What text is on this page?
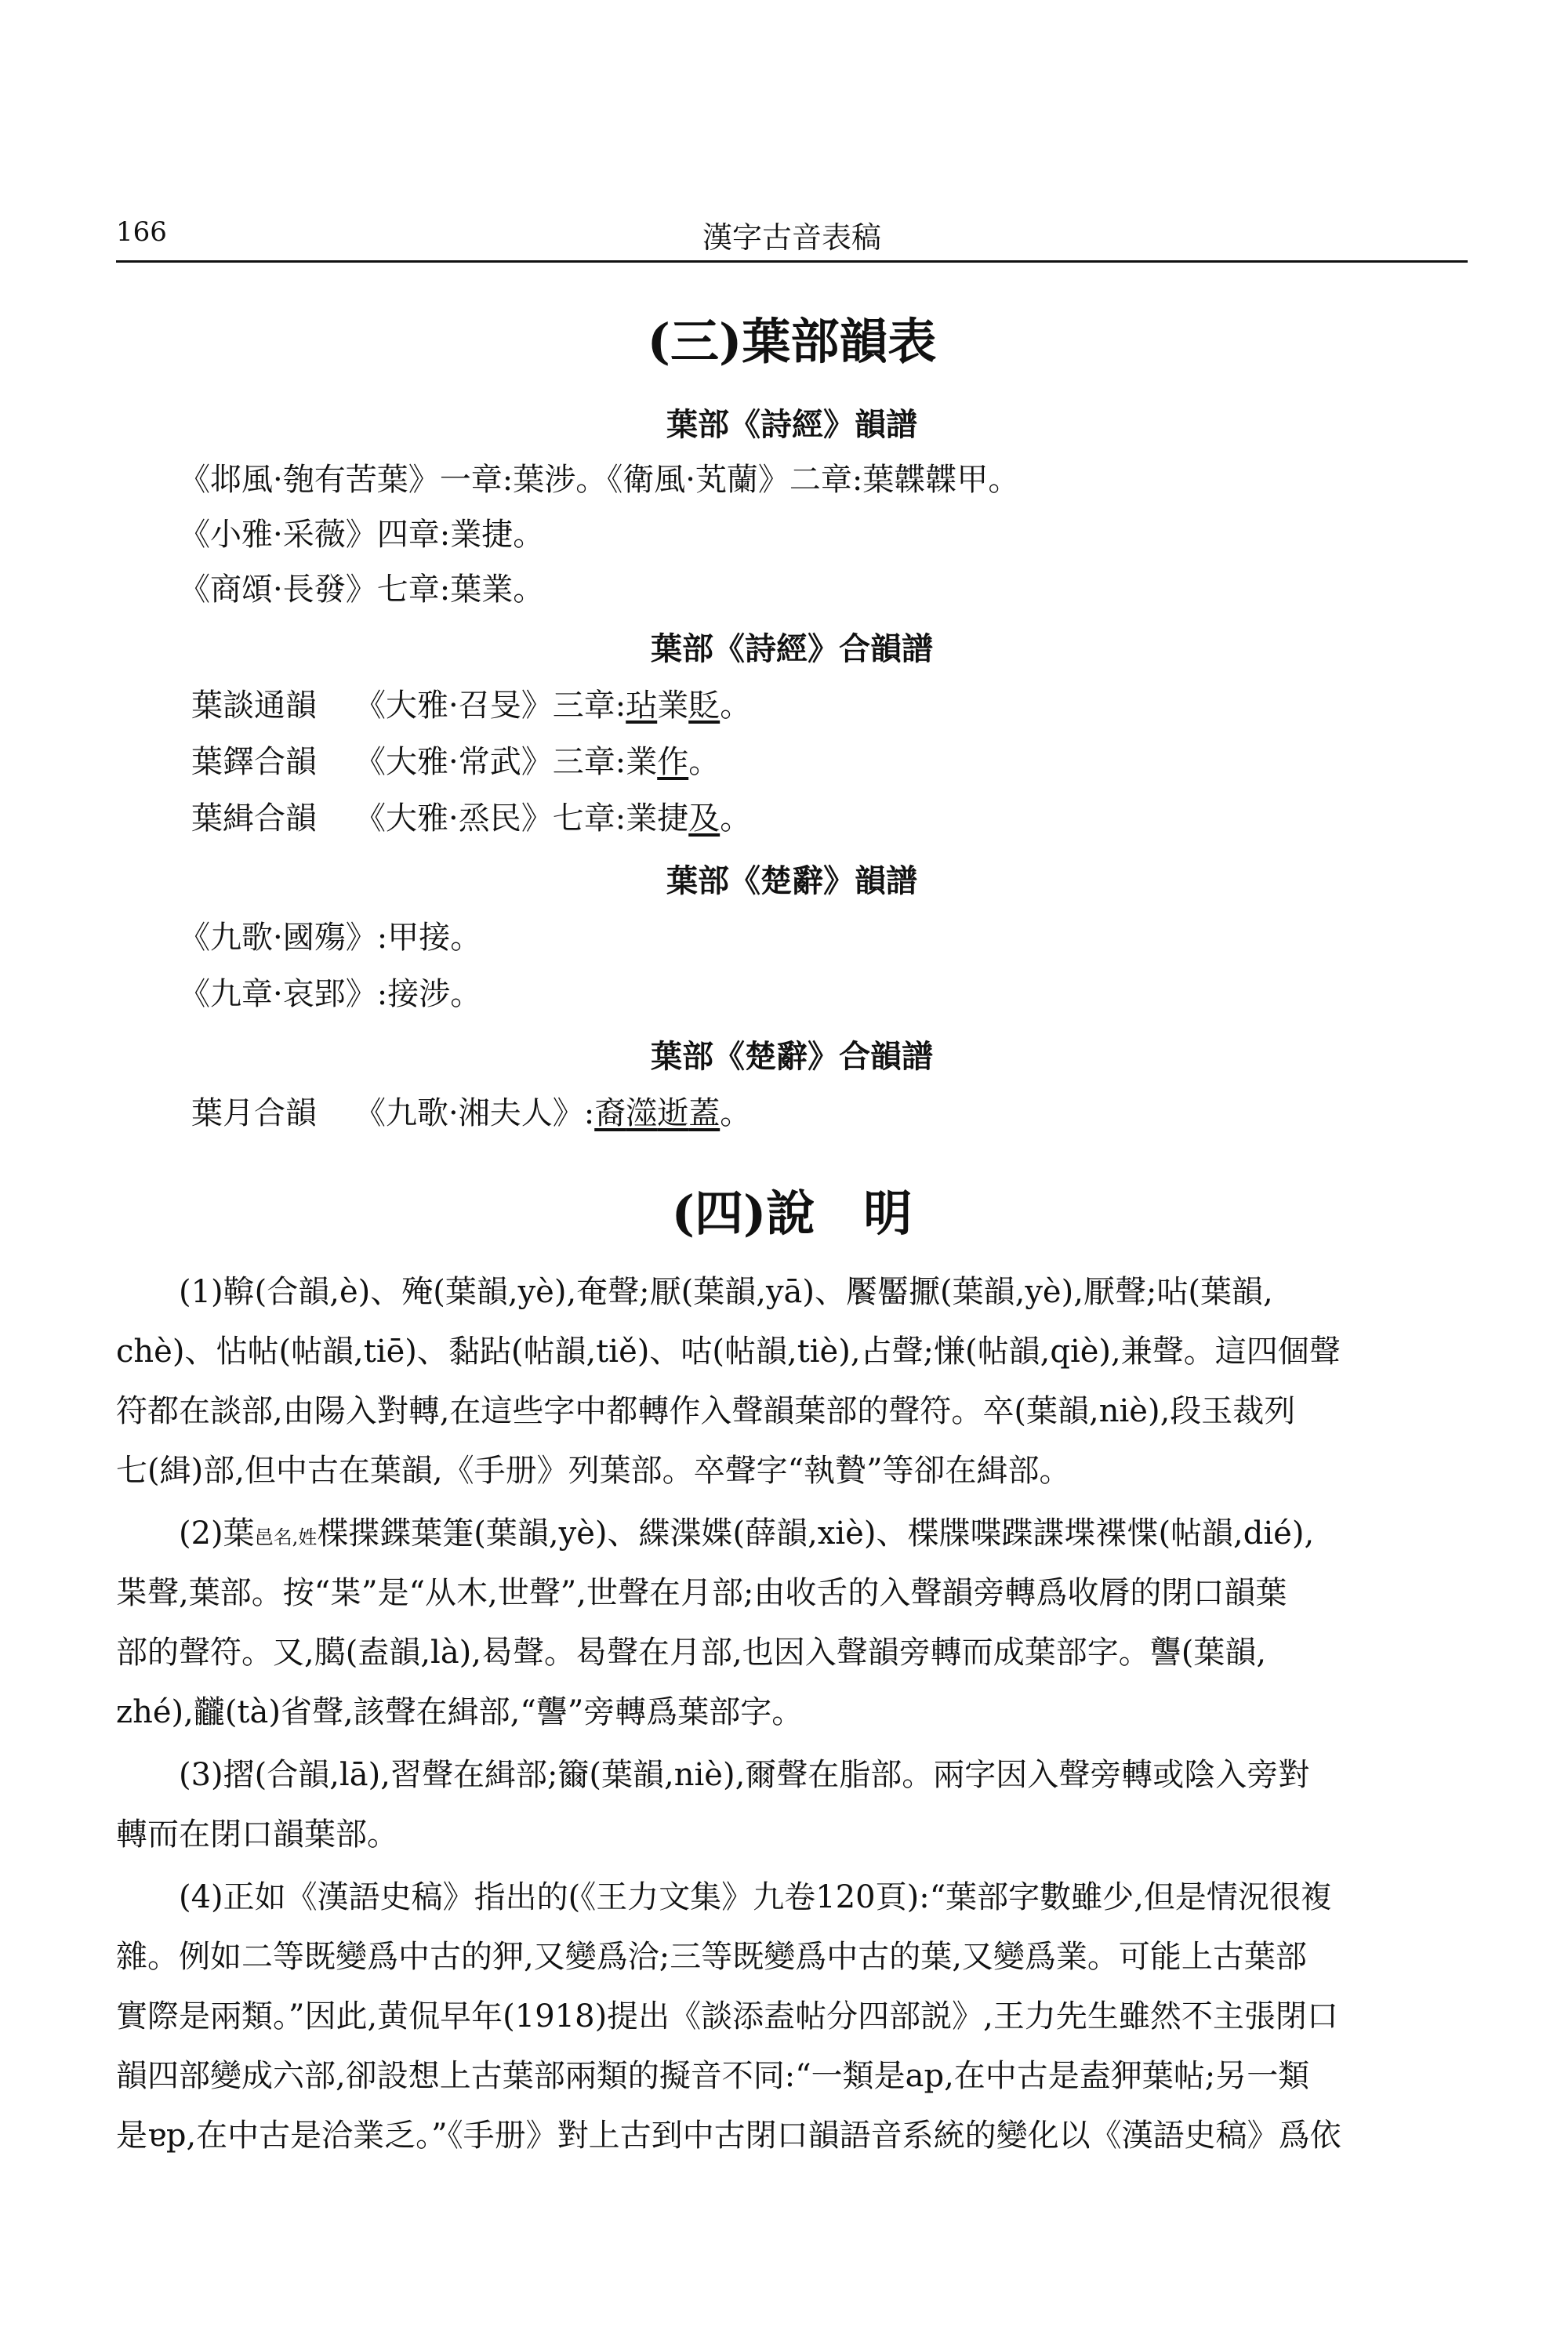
166	漢字古音表稿
(三)葉部韻表
葉部《詩經》韻譜
《邶風·匏有苦葉》一章:葉涉。《衛風·芄蘭》二章:葉韘韘甲。
《小雅·采薇》四章:業捷。
《商頌·長發》七章:葉業。
葉部《詩經》合韻譜
葉談通韻 《大雅·召旻》三章:玷業貶。
葉鐸合韻 《大雅·常武》三章:業作。
葉緝合韻 《大雅·烝民》七章:業捷及。
葉部《楚辭》韻譜
《九歌·國殤》:甲接。
《九章·哀郢》:接涉。
葉部《楚辭》合韻譜
葉月合韻 《九歌·湘夫人》:裔澨逝蓋。
(四)說　明
(1)鞥(合韻,è)、殗(葉韻,yè),奄聲;厭(葉韻,yā)、饜靨擫(葉韻,yè),厭聲;呫(葉韻,
chè)、怗帖(帖韻,tiē)、黏跕(帖韻,tiě)、咕(帖韻,tiè),占聲;慊(帖韻,qiè),兼聲。這四個聲
符都在談部,由陽入對轉,在這些字中都轉作入聲韻葉部的聲符。卒(葉韻,niè),段玉裁列
七(緝)部,但中古在葉韻,《手册》列葉部。卒聲字“執贄”等卻在緝部。
(2)葉邑名,姓楪揲鍱葉箑(葉韻,yè)、緤渫媟(薛韻,xiè)、楪牒喋蹀諜堞褋惵(帖韻,dié),
枼聲,葉部。按“枼”是“从木,世聲”,世聲在月部;由收舌的入聲韻旁轉爲收脣的閉口韻葉
部的聲符。又,臈(盍韻,là),曷聲。曷聲在月部,也因入聲韻旁轉而成葉部字。讋(葉韻,
zhé),龖(tà)省聲,該聲在緝部,“讋”旁轉爲葉部字。
(3)摺(合韻,lā),習聲在緝部;籋(葉韻,niè),爾聲在脂部。兩字因入聲旁轉或陰入旁對
轉而在閉口韻葉部。
(4)正如《漢語史稿》指出的(《王力文集》九卷120頁):“葉部字數雖少,但是情況很複
雜。例如二等既變爲中古的狎,又變爲洽;三等既變爲中古的葉,又變爲業。可能上古葉部
實際是兩類。”因此,黄侃早年(1918)提出《談添盍帖分四部説》,王力先生雖然不主張閉口
韻四部變成六部,卻設想上古葉部兩類的擬音不同:“一類是ap,在中古是盍狎葉帖;另一類
是ɐp,在中古是洽業乏。”《手册》對上古到中古閉口韻語音系統的變化以《漢語史稿》爲依
